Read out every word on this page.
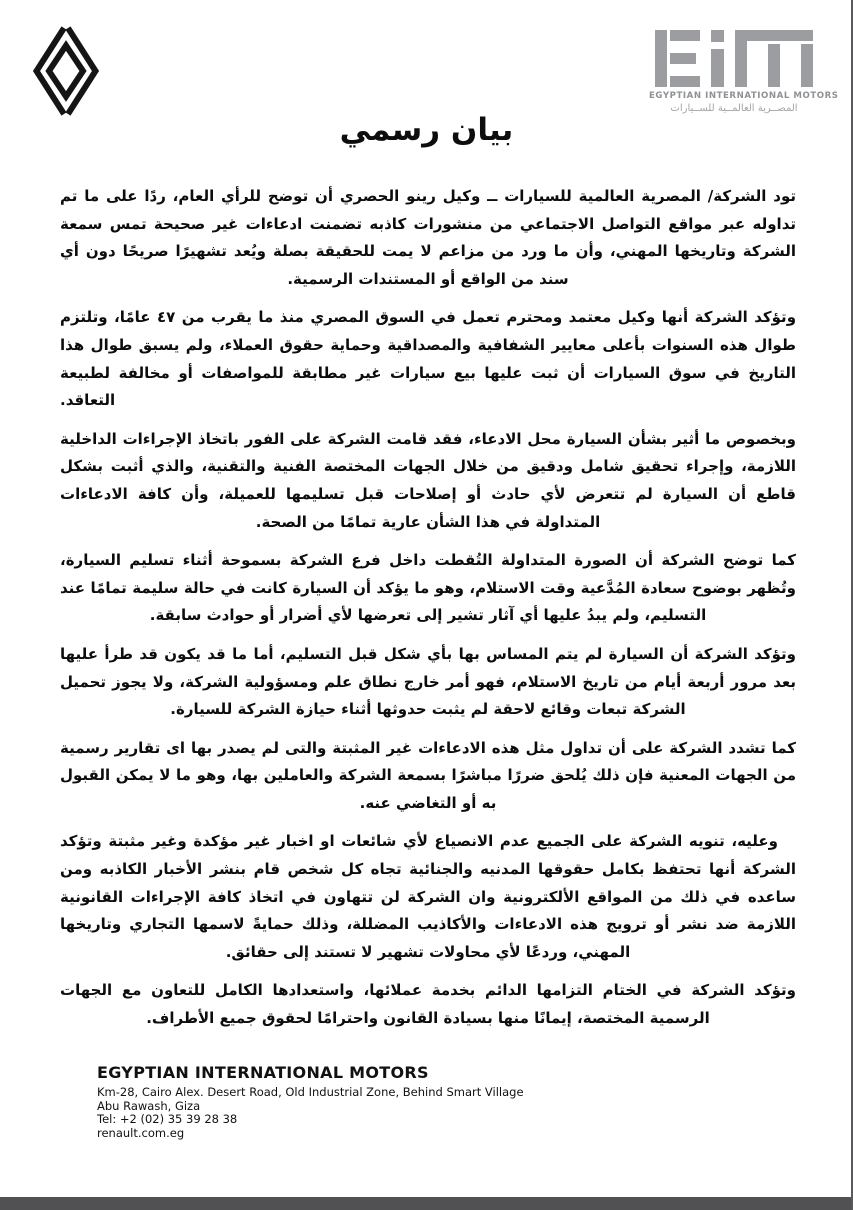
EGYPTIAN INTERNATIONAL MOTORS
المصــرية العالمــية للســيارات
بيان رسمي

تود الشركة/ المصرية العالمية للسيارات ــ وكيل رينو الحصري أن توضح للرأي العام، ردًا على ما تم تداوله عبر مواقع التواصل الاجتماعي من منشورات كاذبه تضمنت ادعاءات غير صحيحة تمس سمعة الشركة وتاريخها المهني، وأن ما ورد من مزاعم لا يمت للحقيقة بصلة ويُعد تشهيرًا صريحًا دون أي سند من الواقع أو المستندات الرسمية.

وتؤكد الشركة أنها وكيل معتمد ومحترم تعمل في السوق المصري منذ ما يقرب من ٤٧ عامًا، وتلتزم طوال هذه السنوات بأعلى معايير الشفافية والمصداقية وحماية حقوق العملاء، ولم يسبق طوال هذا التاريخ في سوق السيارات أن ثبت عليها بيع سيارات غير مطابقة للمواصفات أو مخالفة لطبيعة التعاقد.

وبخصوص ما أثير بشأن السيارة محل الادعاء، فقد قامت الشركة على الفور باتخاذ الإجراءات الداخلية اللازمة، وإجراء تحقيق شامل ودقيق من خلال الجهات المختصة الفنية والتقنية، والذي أثبت بشكل قاطع أن السيارة لم تتعرض لأي حادث أو إصلاحات قبل تسليمها للعميلة، وأن كافة الادعاءات المتداولة في هذا الشأن عارية تمامًا من الصحة.

كما توضح الشركة أن الصورة المتداولة التُقطت داخل فرع الشركة بسموحة أثناء تسليم السيارة، وتُظهر بوضوح سعادة المُدَّعية وقت الاستلام، وهو ما يؤكد أن السيارة كانت في حالة سليمة تمامًا عند التسليم، ولم يبدُ عليها أي آثار تشير إلى تعرضها لأي أضرار أو حوادث سابقة.

وتؤكد الشركة أن السيارة لم يتم المساس بها بأي شكل قبل التسليم، أما ما قد يكون قد طرأ عليها بعد مرور أربعة أيام من تاريخ الاستلام، فهو أمر خارج نطاق علم ومسؤولية الشركة، ولا يجوز تحميل الشركة تبعات وقائع لاحقة لم يثبت حدوثها أثناء حيازة الشركة للسيارة.

كما تشدد الشركة على أن تداول مثل هذه الادعاءات غير المثبتة والتى لم يصدر بها اى تقارير رسمية من الجهات المعنية فإن ذلك يُلحق ضررًا مباشرًا بسمعة الشركة والعاملين بها، وهو ما لا يمكن القبول به أو التغاضي عنه.

وعليه، تنويه الشركة على الجميع عدم الانصياع لأي شائعات او اخبار غير مؤكدة وغير مثبتة وتؤكد الشركة أنها تحتفظ بكامل حقوقها المدنيه والجنائية تجاه كل شخص قام بنشر الأخبار الكاذبه ومن ساعده في ذلك من المواقع الألكترونية وان الشركة لن تتهاون في اتخاذ كافة الإجراءات القانونية اللازمة ضد نشر أو ترويج هذه الادعاءات والأكاذيب المضللة، وذلك حمايةً لاسمها التجاري وتاريخها المهني، وردعًا لأي محاولات تشهير لا تستند إلى حقائق.

وتؤكد الشركة في الختام التزامها الدائم بخدمة عملائها، واستعدادها الكامل للتعاون مع الجهات الرسمية المختصة، إيمانًا منها بسيادة القانون واحترامًا لحقوق جميع الأطراف.

EGYPTIAN INTERNATIONAL MOTORS
Km-28, Cairo Alex. Desert Road, Old Industrial Zone, Behind Smart Village
Abu Rawash, Giza
Tel: +2 (02) 35 39 28 38
renault.com.eg
